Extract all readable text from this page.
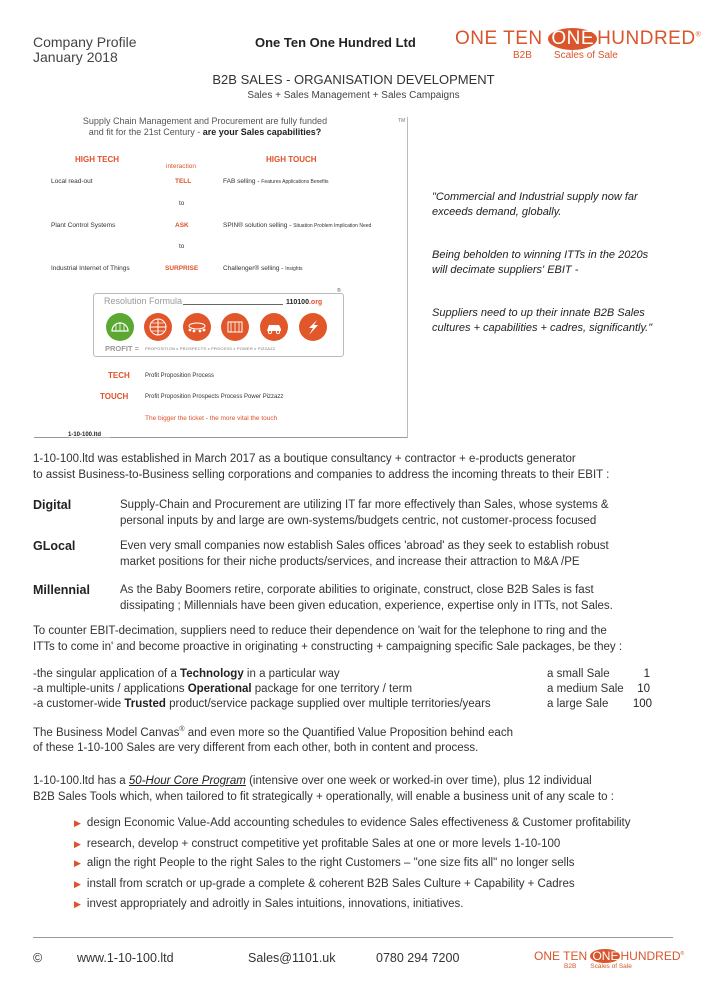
Company Profile
January 2018
One Ten One Hundred Ltd ONE TEN ONE HUNDRED®
B2B Scales of Sale
B2B SALES - ORGANISATION DEVELOPMENT
Sales + Sales Management + Sales Campaigns
Supply Chain Management and Procurement are fully funded
and fit for the 21st Century - are your Sales capabilities?
TM
HIGH TECH
interaction
HIGH TOUCH
Local read-out	TELL	FAB selling - Features Applications Benefits
to
Plant Control Systems	ASK	SPIN® solution selling - Situation Problem Implication Need
to
Industrial Internet of Things	SURPRISE	Challenger® selling - Insights
Resolution Formula	110100.org
®
PROFIT = PROPOSITION x PROSPECTS x PROCESS x POWER x PIZZAZZ
TECH	Profit Proposition Process
TOUCH	Profit Proposition Prospects Process Power Pizzazz
The bigger the ticket - the more vital the touch
1-10-100.ltd
"Commercial and Industrial supply now far
exceeds demand, globally.
Being beholden to winning ITTs in the 2020s
will decimate suppliers' EBIT -
Suppliers need to up their innate B2B Sales
cultures + capabilities + cadres, significantly."
1-10-100.ltd was established in March 2017 as a boutique consultancy + contractor + e-products generator
to assist Business-to-Business selling corporations and companies to address the incoming threats to their EBIT :
Digital	Supply-Chain and Procurement are utilizing IT far more effectively than Sales, whose systems &
personal inputs by and large are own-systems/budgets centric, not customer-process focused
GLocal	Even very small companies now establish Sales offices 'abroad' as they seek to establish robust
market positions for their niche products/services, and increase their attraction to M&A /PE
Millennial	As the Baby Boomers retire, corporate abilities to originate, construct, close B2B Sales is fast
dissipating ; Millennials have been given education, experience, expertise only in ITTs, not Sales.
To counter EBIT-decimation, suppliers need to reduce their dependence on 'wait for the telephone to ring and the
ITTs to come in' and become proactive in originating + constructing + campaigning specific Sale packages, be they :
-the singular application of a Technology in a particular way	a small Sale	1
-a multiple-units / applications Operational package for one territory / term	a medium Sale	10
-a customer-wide Trusted product/service package supplied over multiple territories/years	a large Sale	100
The Business Model Canvas® and even more so the Quantified Value Proposition behind each
of these 1-10-100 Sales are very different from each other, both in content and process.
1-10-100.ltd has a 50-Hour Core Program (intensive over one week or worked-in over time), plus 12 individual
B2B Sales Tools which, when tailored to fit strategically + operationally, will enable a business unit of any scale to :
▶ design Economic Value-Add accounting schedules to evidence Sales effectiveness & Customer profitability
▶ research, develop + construct competitive yet profitable Sales at one or more levels 1-10-100
▶ align the right People to the right Sales to the right Customers – "one size fits all" no longer sells
▶ install from scratch or up-grade a complete & coherent B2B Sales Culture + Capability + Cadres
▶ invest appropriately and adroitly in Sales intuitions, innovations, initiatives.
©	www.1-10-100.ltd	Sales@1101.uk	0780 294 7200	ONE TEN ONE HUNDRED®
B2B Scales of Sale
